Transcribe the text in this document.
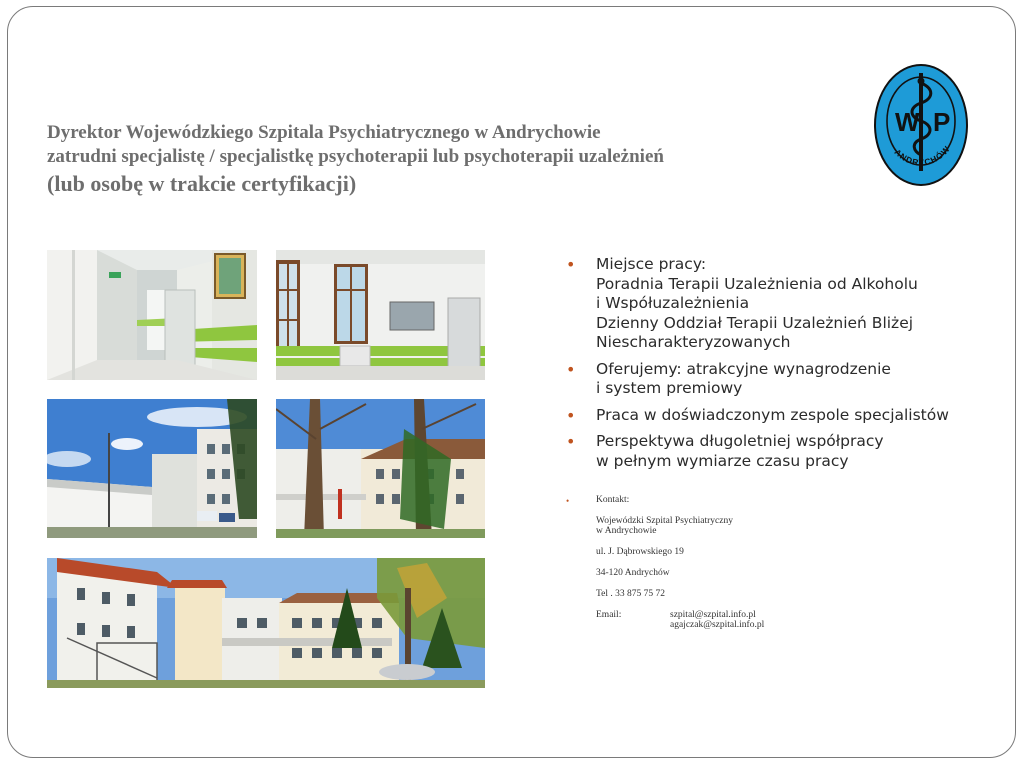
Dyrektor Wojewódzkiego Szpitala Psychiatrycznego w Andrychowie
zatrudni specjalistę / specjalistkę psychoterapii lub psychoterapii uzależnień
(lub osobę w trakcie certyfikacji)
W P
ANDRYCHÓW
• Miejsce pracy:
Poradnia Terapii Uzależnienia od Alkoholu
i Współuzależnienia
Dzienny Oddział Terapii Uzależnień Bliżej
Niescharakteryzowanych
• Oferujemy: atrakcyjne wynagrodzenie
i system premiowy
• Praca w doświadczonym zespole specjalistów
• Perspektywa długoletniej współpracy
w pełnym wymiarze czasu pracy
•	Kontakt:
Wojewódzki Szpital Psychiatryczny
w Andrychowie
ul. J. Dąbrowskiego 19
34-120 Andrychów
Tel . 33 875 75 72
Email:	szpital@szpital.info.pl
agajczak@szpital.info.pl
